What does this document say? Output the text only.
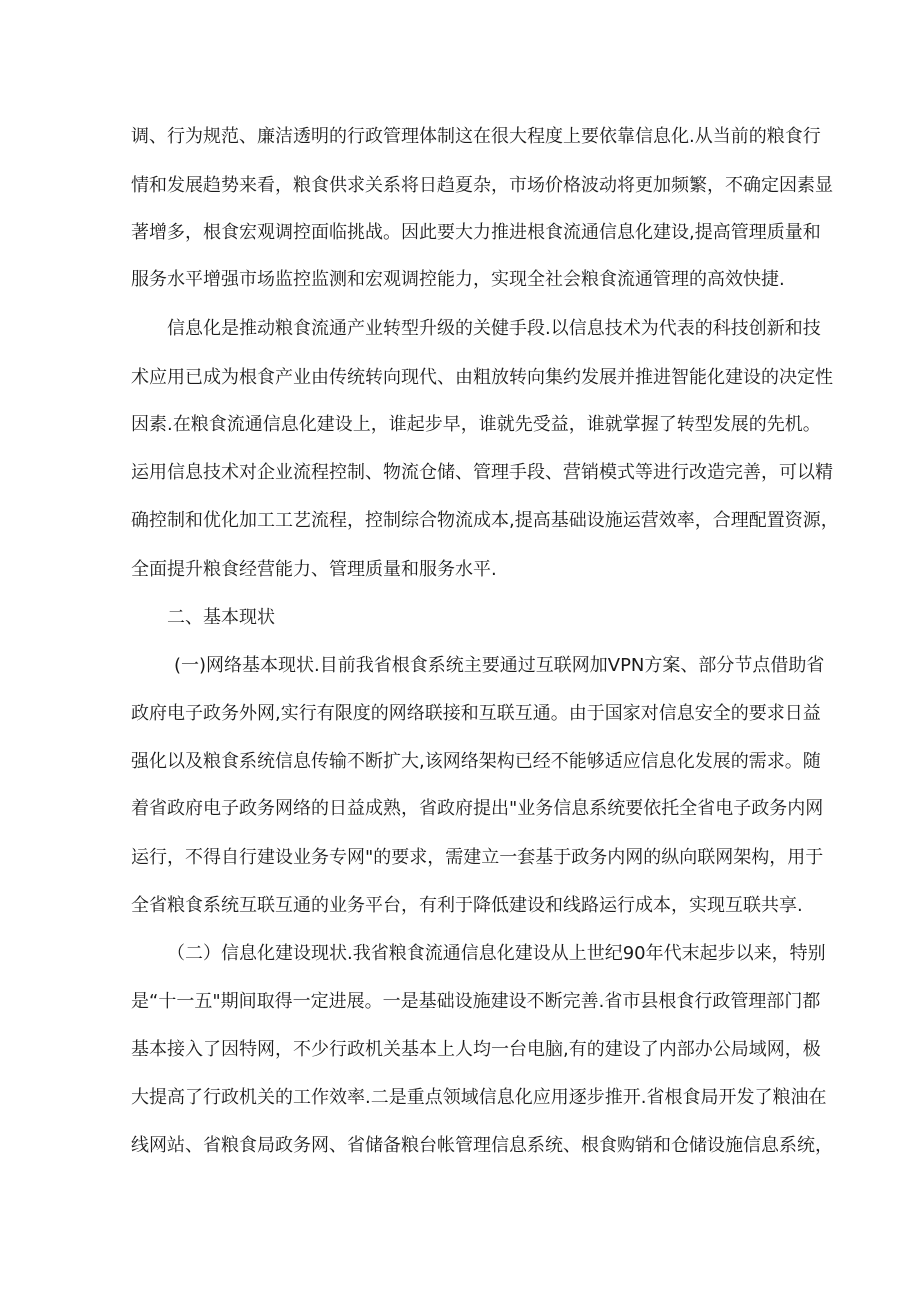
调、行为规范、廉洁透明的行政管理体制这在很大程度上要依靠信息化.从当前的粮食行
情和发展趋势来看，粮食供求关系将日趋夏杂，市场价格波动将更加频繁，不确定因素显
著增多，根食宏观调控面临挑战。因此要大力推进根食流通信息化建设,提高管理质量和
服务水平增强市场监控监测和宏观调控能力，实现全社会粮食流通管理的高效快捷.
信息化是推动粮食流通产业转型升级的关健手段.以信息技术为代表的科技创新和技
术应用已成为根食产业由传统转向现代、由粗放转向集约发展并推进智能化建设的决定性
因素.在粮食流通信息化建设上，谁起步早，谁就先受益，谁就掌握了转型发展的先机。
运用信息技术对企业流程控制、物流仓储、管理手段、营销模式等进行改造完善，可以精
确控制和优化加工工艺流程，控制综合物流成本,提高基础设施运营效率，合理配置资源，
全面提升粮食经营能力、管理质量和服务水平.
二、基本现状
(一)网络基本现状.目前我省根食系统主要通过互联网加VPN方案、部分节点借助省
政府电子政务外网,实行有限度的网络联接和互联互通。由于国家对信息安全的要求日益
强化以及粮食系统信息传输不断扩大,该网络架构已经不能够适应信息化发展的需求。随
着省政府电子政务网络的日益成熟，省政府提出"业务信息系统要依托全省电子政务内网
运行，不得自行建设业务专网"的要求，需建立一套基于政务内网的纵向联网架构，用于
全省粮食系统互联互通的业务平台，有利于降低建设和线路运行成本，实现互联共享.
（二）信息化建设现状.我省粮食流通信息化建设从上世纪90年代末起步以来，特别
是“十一五"期间取得一定进展。一是基础设施建设不断完善.省市县根食行政管理部门都
基本接入了因特网，不少行政机关基本上人均一台电脑,有的建设了内部办公局域网，极
大提高了行政机关的工作效率.二是重点领域信息化应用逐步推开.省根食局开发了粮油在
线网站、省粮食局政务网、省储备粮台帐管理信息系统、根食购销和仓储设施信息系统，
